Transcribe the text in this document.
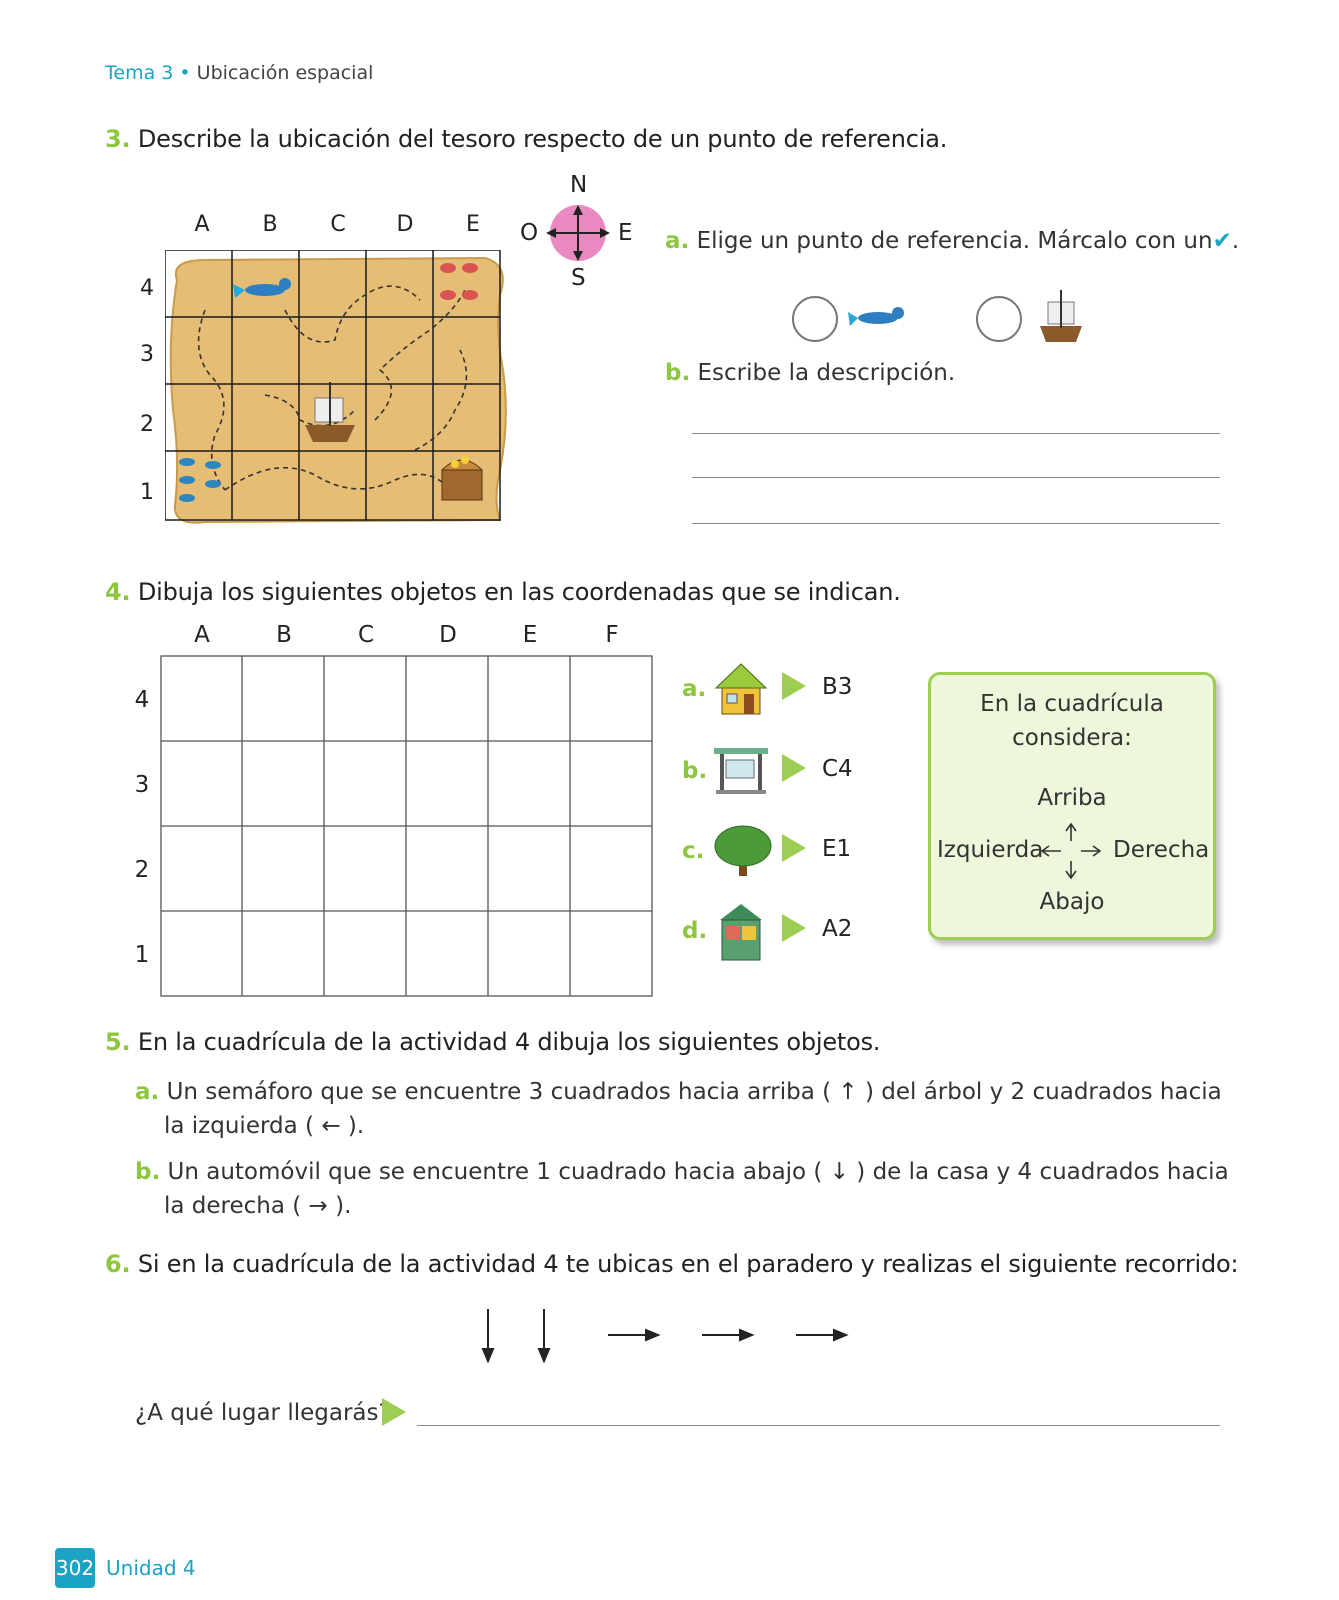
Tema 3 • Ubicación espacial
3. Describe la ubicación del tesoro respecto de un punto de referencia.
A	B	C	D	E
4
3
2
1
N
S
O	E a. Elige un punto de referencia. Márcalo con un✔.
b. Escribe la descripción.
4. Dibuja los siguientes objetos en las coordenadas que se indican.
A	B	C	D	E	F
4
3
2
1
a.	B3
b.	C4
c.	E1
d.	A2
En la cuadrícula
considera:
Arriba
Izquierda	Derecha
Abajo
5. En la cuadrícula de la actividad 4 dibuja los siguientes objetos.
a. Un semáforo que se encuentre 3 cuadrados hacia arriba ( ↑ ) del árbol y 2 cuadrados hacia
la izquierda ( ← ).
b. Un automóvil que se encuentre 1 cuadrado hacia abajo ( ↓ ) de la casa y 4 cuadrados hacia
la derecha ( → ).
6. Si en la cuadrícula de la actividad 4 te ubicas en el paradero y realizas el siguiente recorrido:
¿A qué lugar llegarás?
302 Unidad 4
